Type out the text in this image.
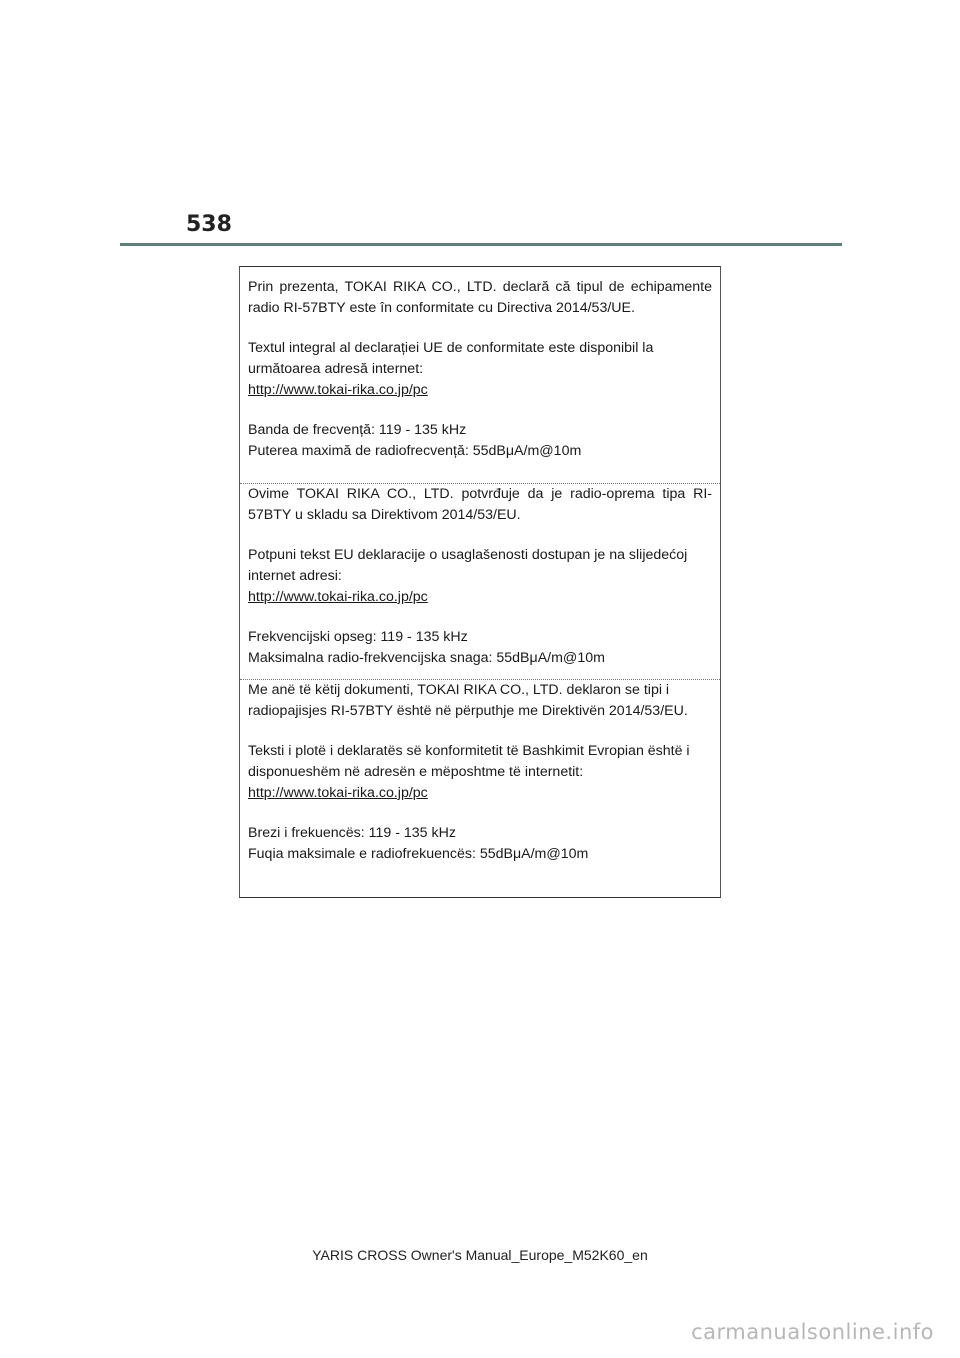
538

Prin prezenta, TOKAI RIKA CO., LTD. declară că tipul de echipamente radio RI-57BTY este în conformitate cu Directiva 2014/53/UE.

Textul integral al declarației UE de conformitate este disponibil la următoarea adresă internet:

http://www.tokai-rika.co.jp/pc

Banda de frecvență: 119 - 135 kHz

Puterea maximă de radiofrecvență: 55dBμA/m@10m

Ovime TOKAI RIKA CO., LTD. potvrđuje da je radio-oprema tipa RI-57BTY u skladu sa Direktivom 2014/53/EU.

Potpuni tekst EU deklaracije o usaglašenosti dostupan je na slijedećoj internet adresi:

http://www.tokai-rika.co.jp/pc

Frekvencijski opseg: 119 - 135 kHz

Maksimalna radio-frekvencijska snaga: 55dBμA/m@10m

Me anë të këtij dokumenti, TOKAI RIKA CO., LTD. deklaron se tipi i radiopajisjes RI-57BTY është në përputhje me Direktivën 2014/53/EU.

Teksti i plotë i deklaratës së konformitetit të Bashkimit Evropian është i disponueshëm në adresën e mëposhtme të internetit:

http://www.tokai-rika.co.jp/pc

Brezi i frekuencës: 119 - 135 kHz

Fuqia maksimale e radiofrekuencës: 55dBμA/m@10m

YARIS CROSS Owner's Manual_Europe_M52K60_en
carmanualsonline.info
